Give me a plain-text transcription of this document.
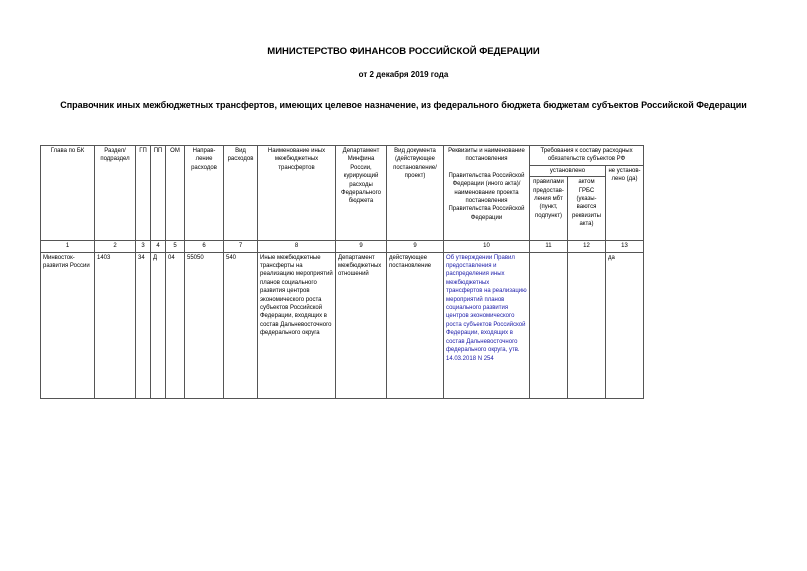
МИНИСТЕРСТВО ФИНАНСОВ РОССИЙСКОЙ ФЕДЕРАЦИИ
от 2 декабря 2019 года
Справочник иных межбюджетных трансфертов, имеющих целевое назначение, из федерального бюджета бюджетам субъектов Российской Федерации
Глава по БК	Раздел/ подраздел	ГП	ПП	ОМ	Направ- ление расходов	Вид расходов	Наименование иных межбюджетных трансфертов	Департамент Минфина
России, курирующий расходы Федерального бюджета	Вид документа (действующее
постановление/ проект)	Реквизиты и наименование постановления
Правительства Российской Федерации (иного акта)/ наименование проекта постановления Правительства Российской Федерации	Требования к составу расходных обязательств субъектов РФ		
											установлено		не установ- лено (да)
											правилами предостав- ления мбт (пункт, подпункт)	актом ГРБС (указы- ваются реквизиты акта)	
1	2	3	4	5	6	7	8	9	9	10	11	12	13
Минвосток- развития России	1403	34	Д	04	55050	540	Иные межбюджетные трансферты на реализацию мероприятий планов социального развития центров экономического роста субъектов Российской Федерации, входящих в состав Дальневосточного федерального округа	Департамент межбюджетных отношений	действующее постановление	Об утверждении Правил предоставления и распределения иных межбюджетных трансфертов на реализацию мероприятий планов социального развития центров экономического роста субъектов Российской Федерации, входящих в состав Дальневосточного федерального округа, утв. 14.03.2018 N 254			да
